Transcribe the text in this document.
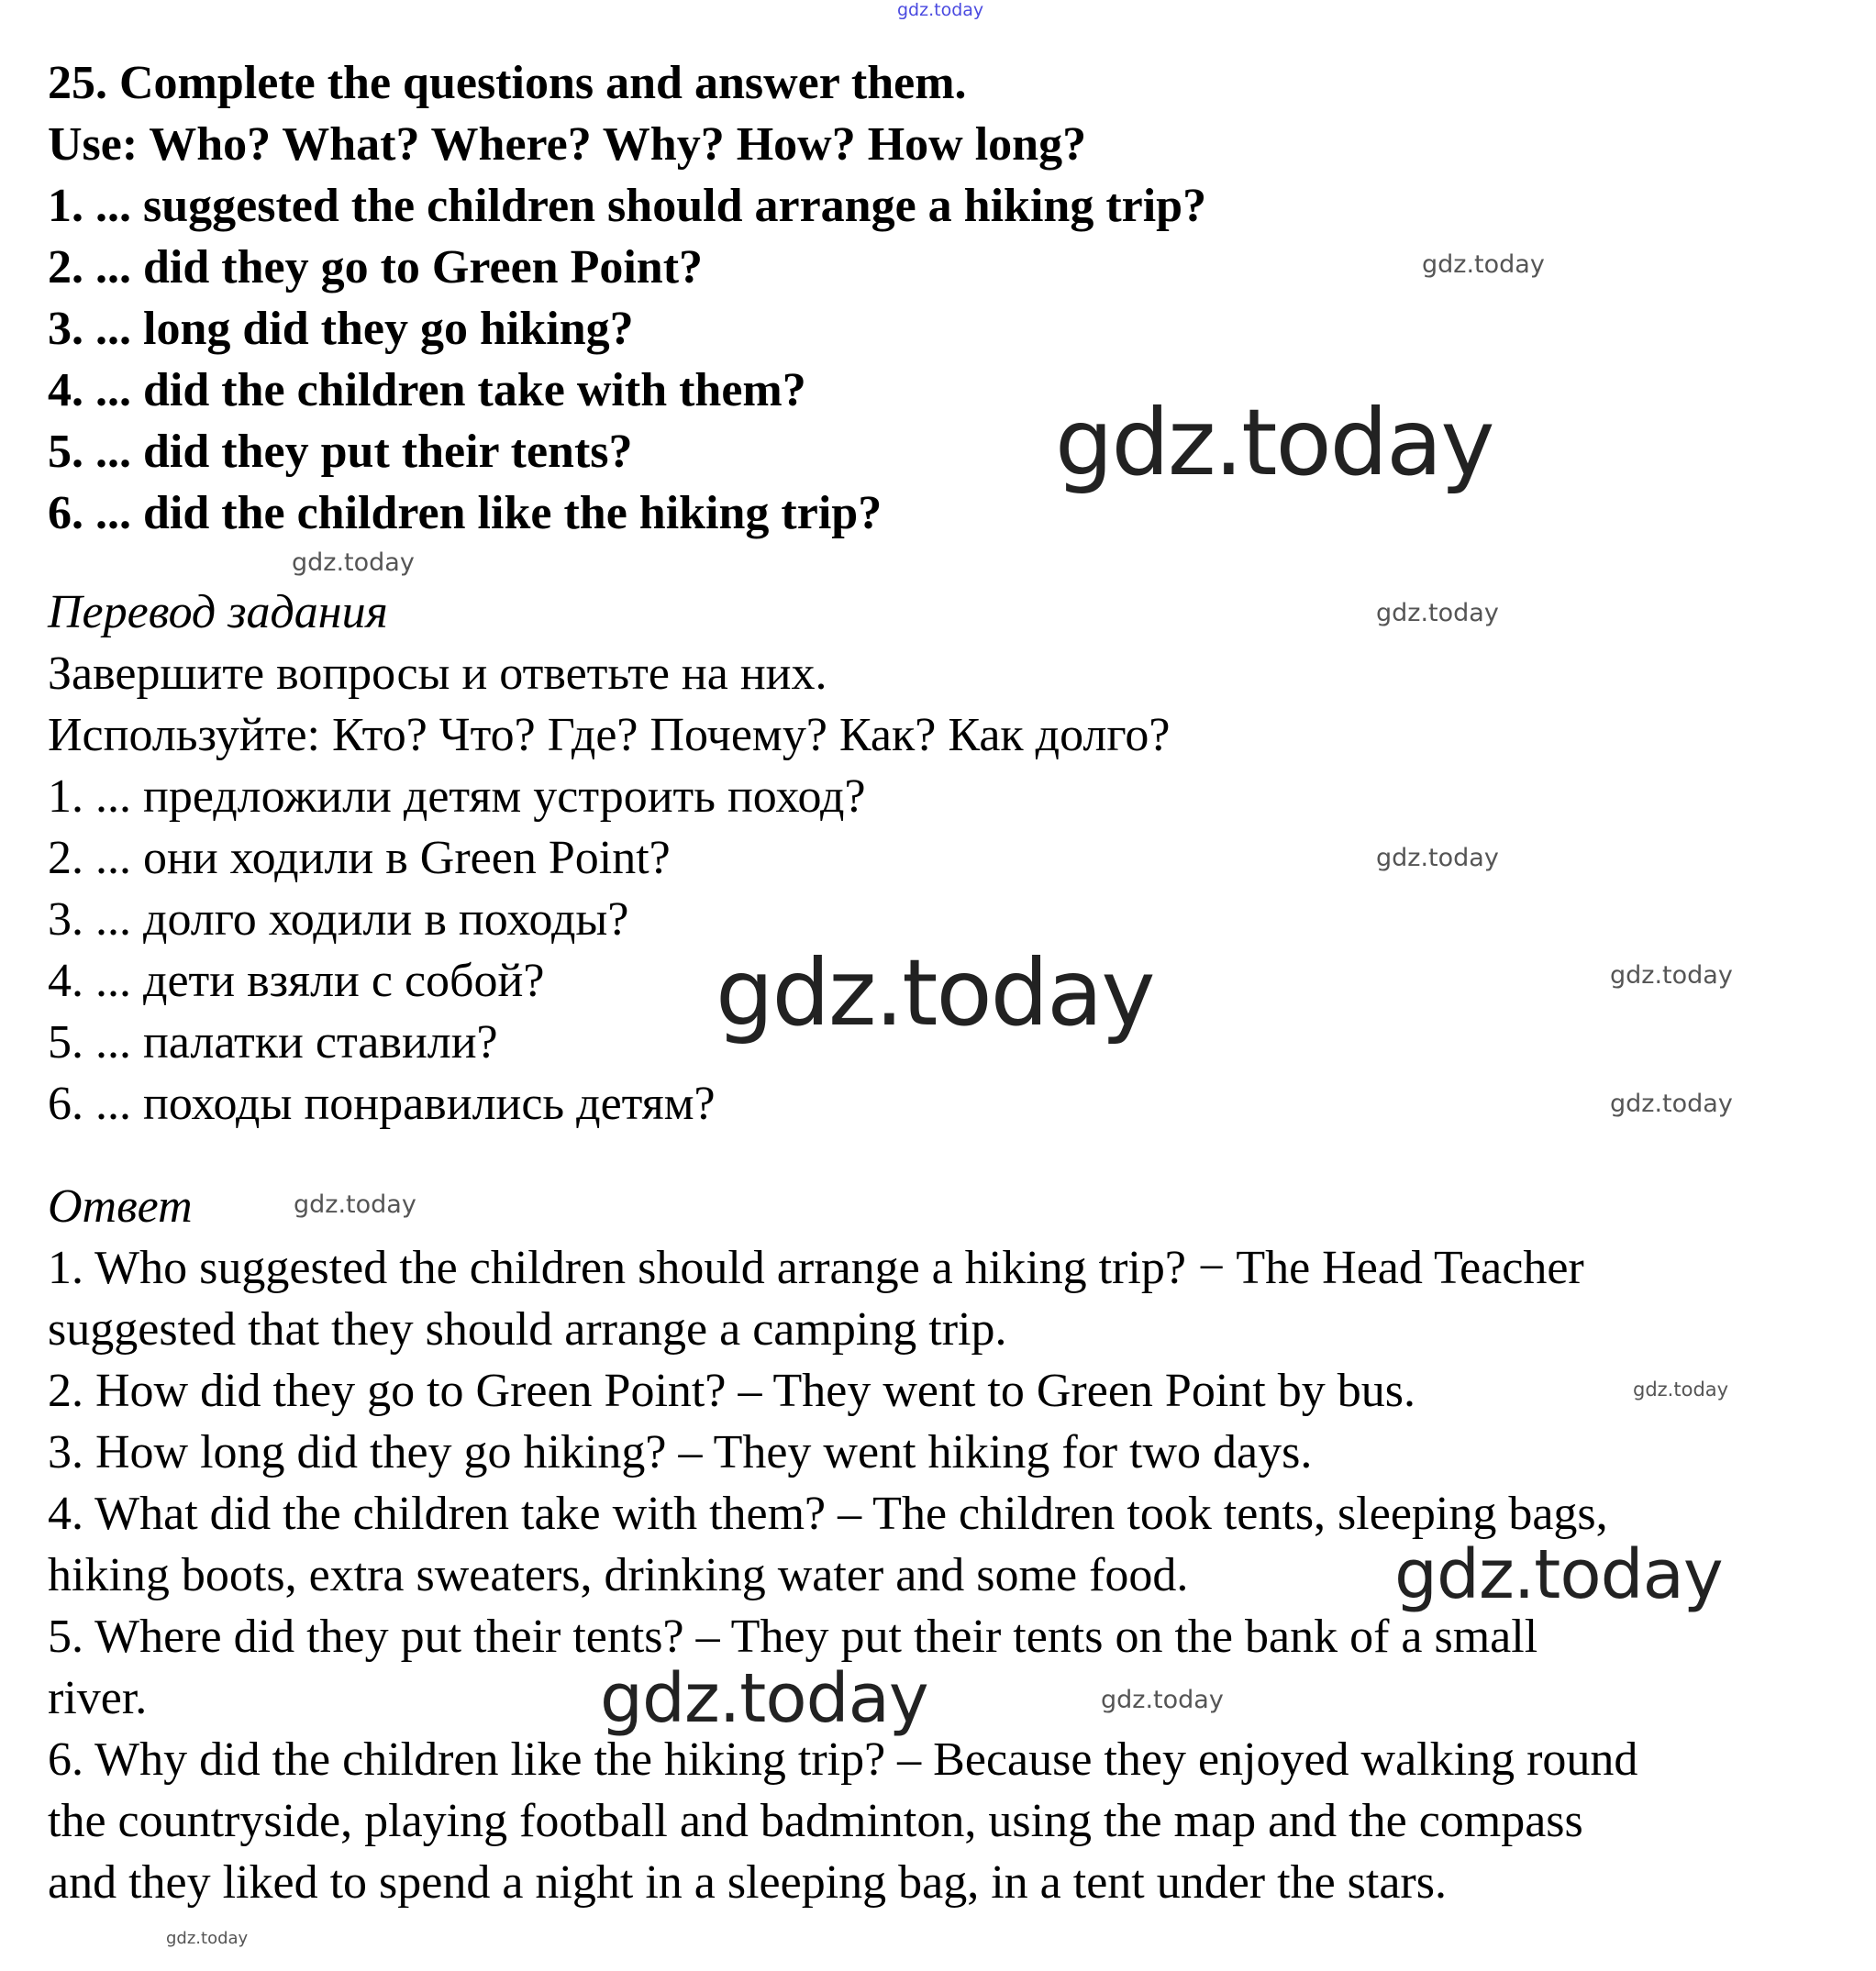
25. Complete the questions and answer them.
Use: Who? What? Where? Why? How? How long?
1. ... suggested the children should arrange a hiking trip?
2. ... did they go to Green Point?
3. ... long did they go hiking?
4. ... did the children take with them?
5. ... did they put their tents?
6. ... did the children like the hiking trip?
Перевод задания
Завершите вопросы и ответьте на них.
Используйте: Кто? Что? Где? Почему? Как? Как долго?
1. ... предложили детям устроить поход?
2. ... они ходили в Green Point?
3. ... долго ходили в походы?
4. ... дети взяли с собой?
5. ... палатки ставили?
6. ... походы понравились детям?
Ответ
1. Who suggested the children should arrange a hiking trip? − The Head Teacher
suggested that they should arrange a camping trip.
2. How did they go to Green Point? – They went to Green Point by bus.
3. How long did they go hiking? – They went hiking for two days.
4. What did the children take with them? – The children took tents, sleeping bags,
hiking boots, extra sweaters, drinking water and some food.
5. Where did they put their tents? – They put their tents on the bank of a small
river.
6. Why did the children like the hiking trip? – Because they enjoyed walking round
the countryside, playing football and badminton, using the map and the compass
and they liked to spend a night in a sleeping bag, in a tent under the stars.
gdz.today
gdz.today
gdz.today
gdz.today
gdz.today
gdz.today
gdz.today
gdz.today
gdz.today
gdz.today
gdz.today
gdz.today
gdz.today	gdz.today
gdz.today
